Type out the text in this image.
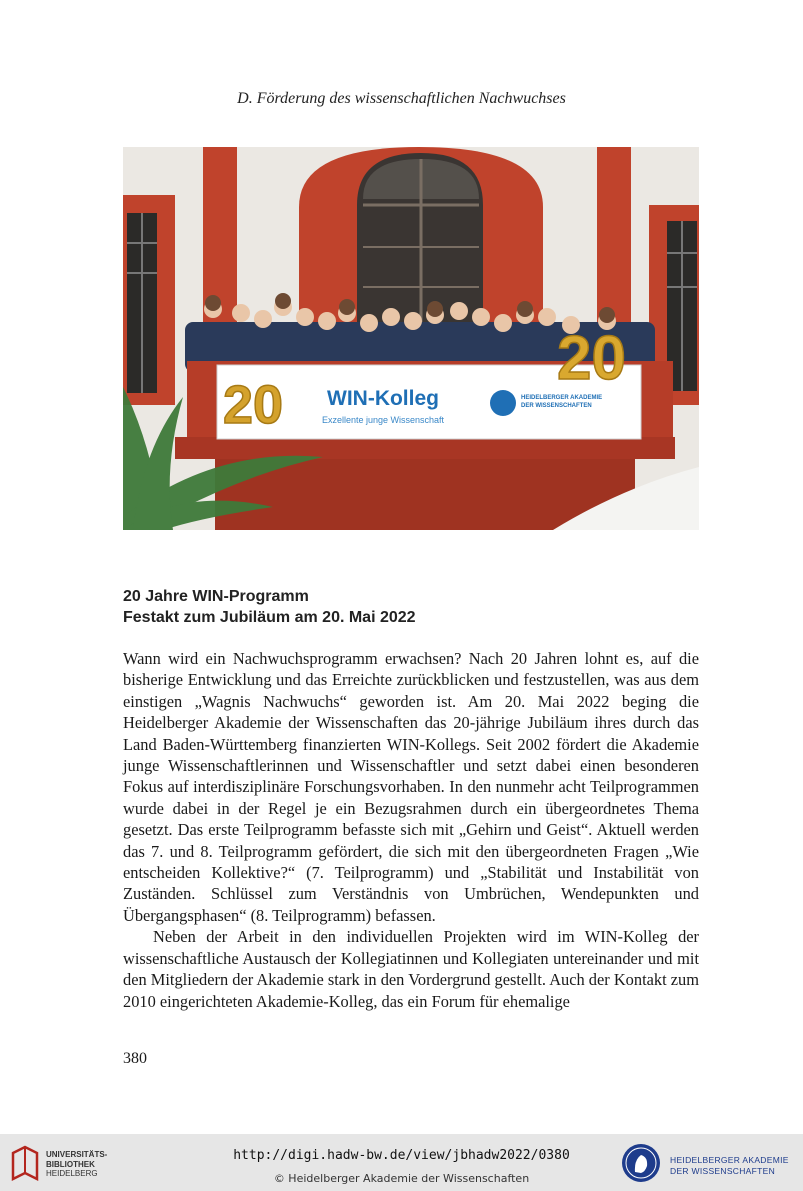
D. Förderung des wissenschaftlichen Nachwuchses
WIN-Kolleg
Exzellente junge Wissenschaft
HEIDELBERGER AKADEMIE
DER WISSENSCHAFTEN
20
20
20 Jahre WIN-Programm
Festakt zum Jubiläum am 20. Mai 2022

Wann wird ein Nachwuchsprogramm erwachsen? Nach 20 Jahren lohnt es, auf die bisherige Entwicklung und das Erreichte zurückblicken und festzustellen, was aus dem einstigen „Wagnis Nachwuchs“ geworden ist. Am 20. Mai 2022 beging die Heidelberger Akademie der Wissenschaften das 20-jährige Jubiläum ihres durch das Land Baden-Württemberg finanzierten WIN-Kollegs. Seit 2002 fördert die Akademie junge Wissenschaftlerinnen und Wissenschaftler und setzt dabei einen besonderen Fokus auf interdisziplinäre Forschungsvorhaben. In den nunmehr acht Teilprogrammen wurde dabei in der Regel je ein Bezugsrahmen durch ein übergeordnetes Thema gesetzt. Das erste Teilprogramm befasste sich mit „Gehirn und Geist“. Aktuell werden das 7. und 8. Teilprogramm gefördert, die sich mit den übergeordneten Fragen „Wie entscheiden Kollektive?“ (7. Teilprogramm) und „Stabilität und Instabilität von Zuständen. Schlüssel zum Verständnis von Umbrüchen, Wendepunkten und Übergangsphasen“ (8. Teilprogramm) befassen.

Neben der Arbeit in den individuellen Projekten wird im WIN-Kolleg der wissenschaftliche Austausch der Kollegiatinnen und Kollegiaten untereinander und mit den Mitgliedern der Akademie stark in den Vordergrund gestellt. Auch der Kontakt zum 2010 eingerichteten Akademie-Kolleg, das ein Forum für ehemalige

380
UNIVERSITÄTS-
BIBLIOTHEK
HEIDELBERG
http://digi.hadw-bw.de/view/jbhadw2022/0380
© Heidelberger Akademie der Wissenschaften
HEIDELBERGER AKADEMIE
DER WISSENSCHAFTEN
